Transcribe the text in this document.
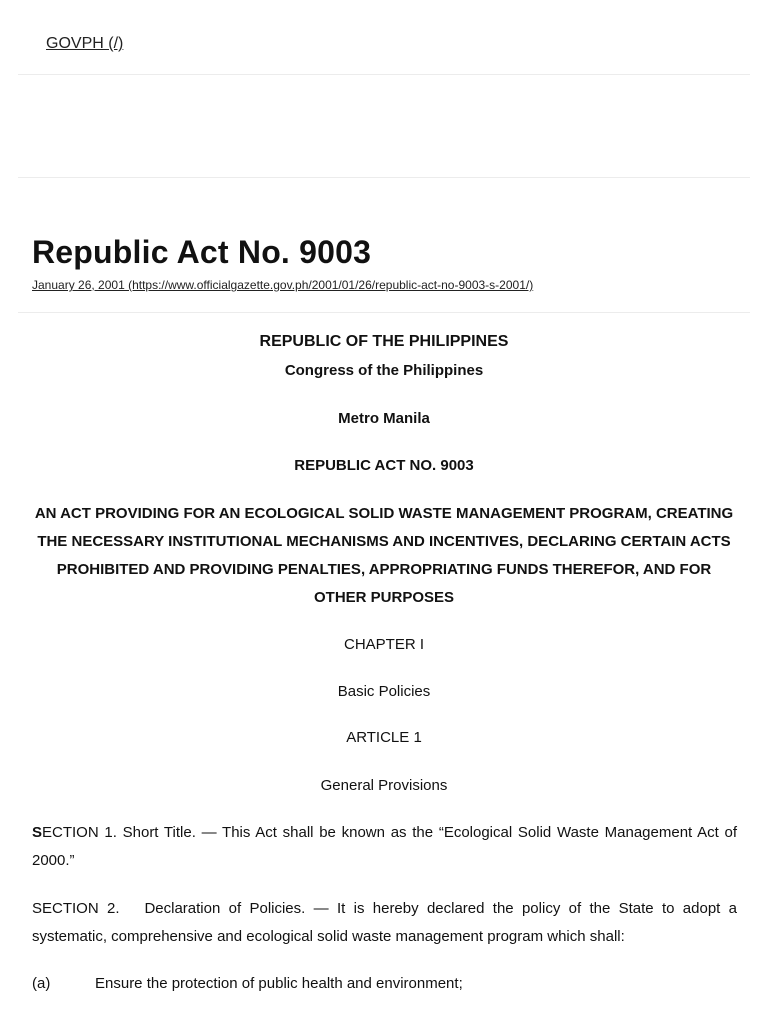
GOVPH (/)
Republic Act No. 9003
January 26, 2001 (https://www.officialgazette.gov.ph/2001/01/26/republic-act-no-9003-s-2001/)
REPUBLIC OF THE PHILIPPINES
Congress of the Philippines
Metro Manila
REPUBLIC ACT NO. 9003
AN ACT PROVIDING FOR AN ECOLOGICAL SOLID WASTE MANAGEMENT PROGRAM, CREATING THE NECESSARY INSTITUTIONAL MECHANISMS AND INCENTIVES, DECLARING CERTAIN ACTS PROHIBITED AND PROVIDING PENALTIES, APPROPRIATING FUNDS THEREFOR, AND FOR OTHER PURPOSES
CHAPTER I
Basic Policies
ARTICLE 1
General Provisions

SECTION 1. Short Title. — This Act shall be known as the “Ecological Solid Waste Management Act of 2000.”

SECTION 2.   Declaration of Policies. — It is hereby declared the policy of the State to adopt a systematic, comprehensive and ecological solid waste management program which shall:

(a)	Ensure the protection of public health and environment;
